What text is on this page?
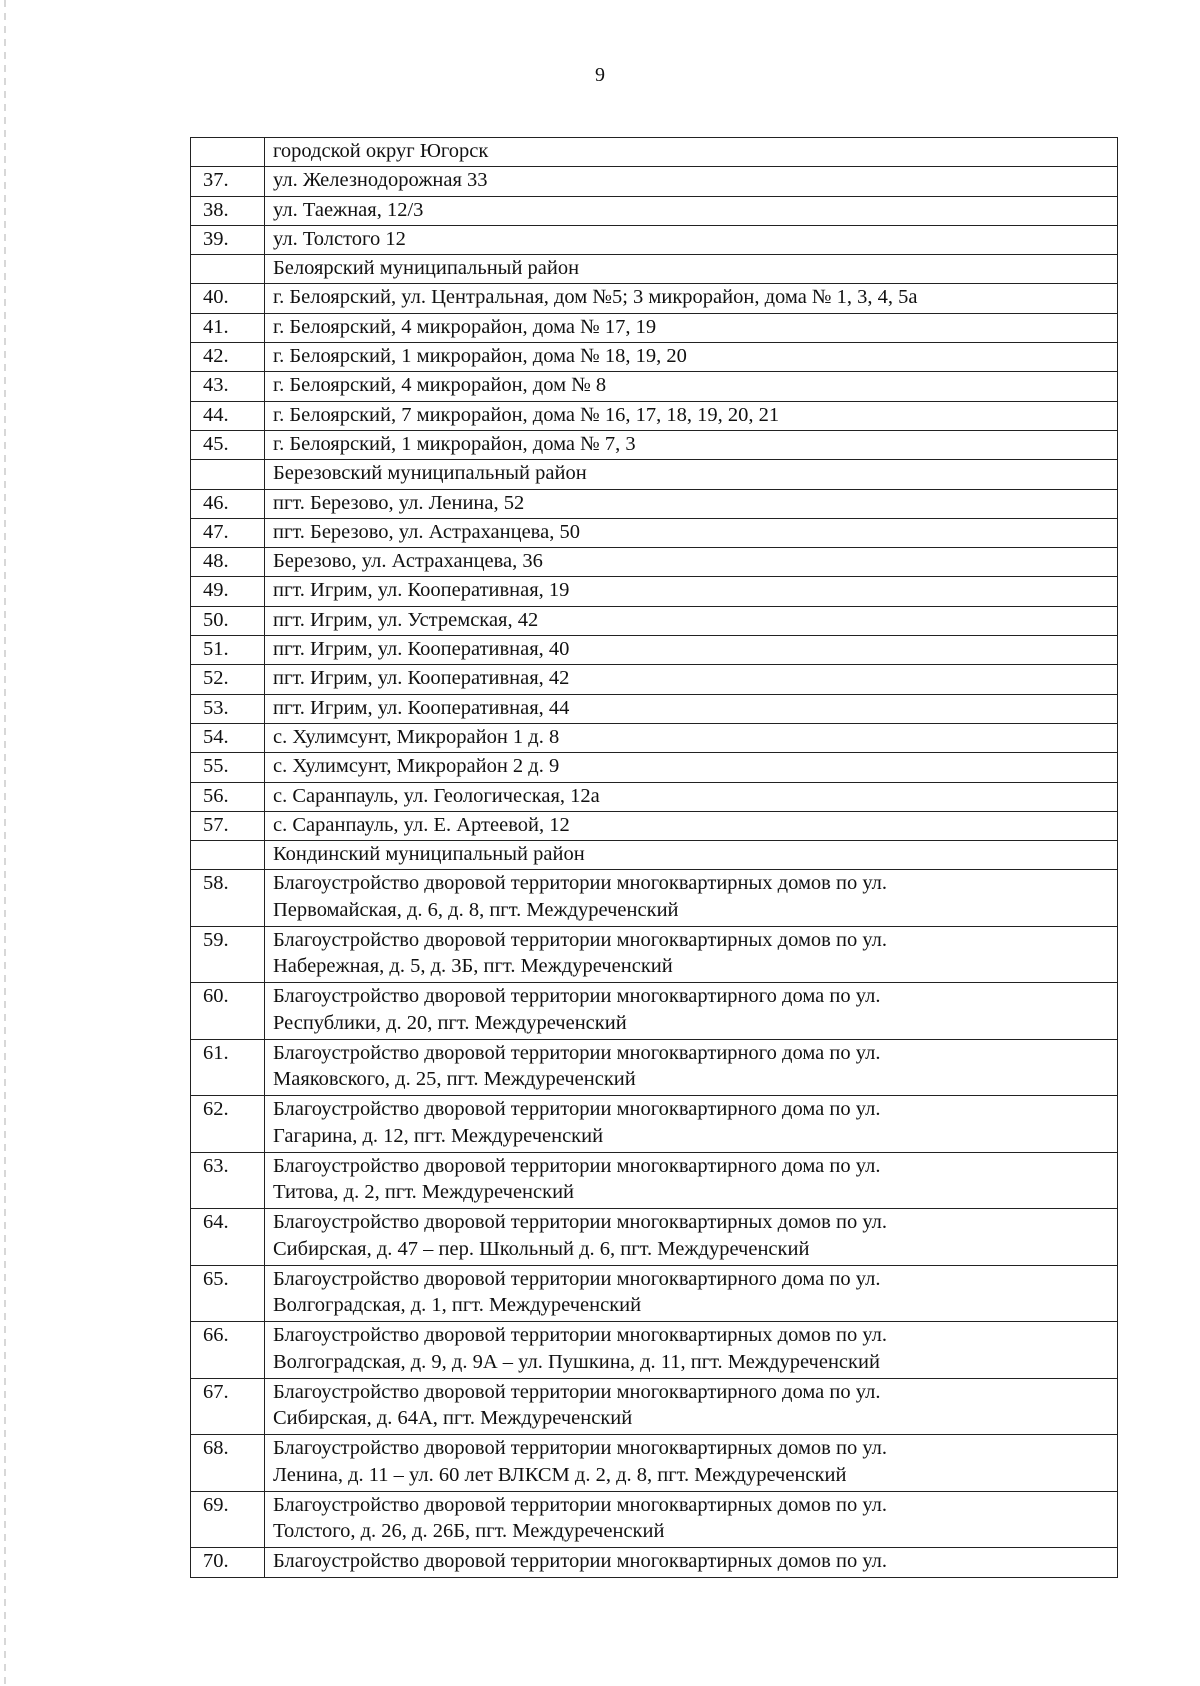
9

	городской округ Югорск

37.	ул. Железнодорожная 33

38.	ул. Таежная, 12/3

39.	ул. Толстого 12

	Белоярский муниципальный район

40.	г. Белоярский, ул. Центральная, дом №5; 3 микрорайон, дома № 1, 3, 4, 5а

41.	г. Белоярский, 4 микрорайон, дома № 17, 19

42.	г. Белоярский, 1 микрорайон, дома № 18, 19, 20

43.	г. Белоярский, 4 микрорайон, дом № 8

44.	г. Белоярский, 7 микрорайон, дома № 16, 17, 18, 19, 20, 21

45.	г. Белоярский, 1 микрорайон, дома № 7, 3

	Березовский муниципальный район

46.	пгт. Березово, ул. Ленина, 52

47.	пгт. Березово, ул. Астраханцева, 50

48.	Березово, ул. Астраханцева, 36

49.	пгт. Игрим, ул. Кооперативная, 19

50.	пгт. Игрим, ул. Устремская, 42

51.	пгт. Игрим, ул. Кооперативная, 40

52.	пгт. Игрим, ул. Кооперативная, 42

53.	пгт. Игрим, ул. Кооперативная, 44

54.	с. Хулимсунт, Микрорайон 1 д. 8

55.	с. Хулимсунт, Микрорайон 2 д. 9

56.	с. Саранпауль, ул. Геологическая, 12а

57.	с. Саранпауль, ул. Е. Артеевой, 12

	Кондинский муниципальный район

58.	Благоустройство дворовой территории многоквартирных домов по ул.
Первомайская, д. 6, д. 8, пгт. Междуреченский

59.	Благоустройство дворовой территории многоквартирных домов по ул.
Набережная, д. 5, д. 3Б, пгт. Междуреченский

60.	Благоустройство дворовой территории многоквартирного дома по ул.
Республики, д. 20, пгт. Междуреченский

61.	Благоустройство дворовой территории многоквартирного дома по ул.
Маяковского, д. 25, пгт. Междуреченский

62.	Благоустройство дворовой территории многоквартирного дома по ул.
Гагарина, д. 12, пгт. Междуреченский

63.	Благоустройство дворовой территории многоквартирного дома по ул.
Титова, д. 2, пгт. Междуреченский

64.	Благоустройство дворовой территории многоквартирных домов по ул.
Сибирская, д. 47 – пер. Школьный д. 6, пгт. Междуреченский

65.	Благоустройство дворовой территории многоквартирного дома по ул.
Волгоградская, д. 1, пгт. Междуреченский

66.	Благоустройство дворовой территории многоквартирных домов по ул.
Волгоградская, д. 9, д. 9А – ул. Пушкина, д. 11, пгт. Междуреченский

67.	Благоустройство дворовой территории многоквартирного дома по ул.
Сибирская, д. 64А, пгт. Междуреченский

68.	Благоустройство дворовой территории многоквартирных домов по ул.
Ленина, д. 11 – ул. 60 лет ВЛКСМ д. 2, д. 8, пгт. Междуреченский

69.	Благоустройство дворовой территории многоквартирных домов по ул.
Толстого, д. 26, д. 26Б, пгт. Междуреченский

70.	Благоустройство дворовой территории многоквартирных домов по ул.
